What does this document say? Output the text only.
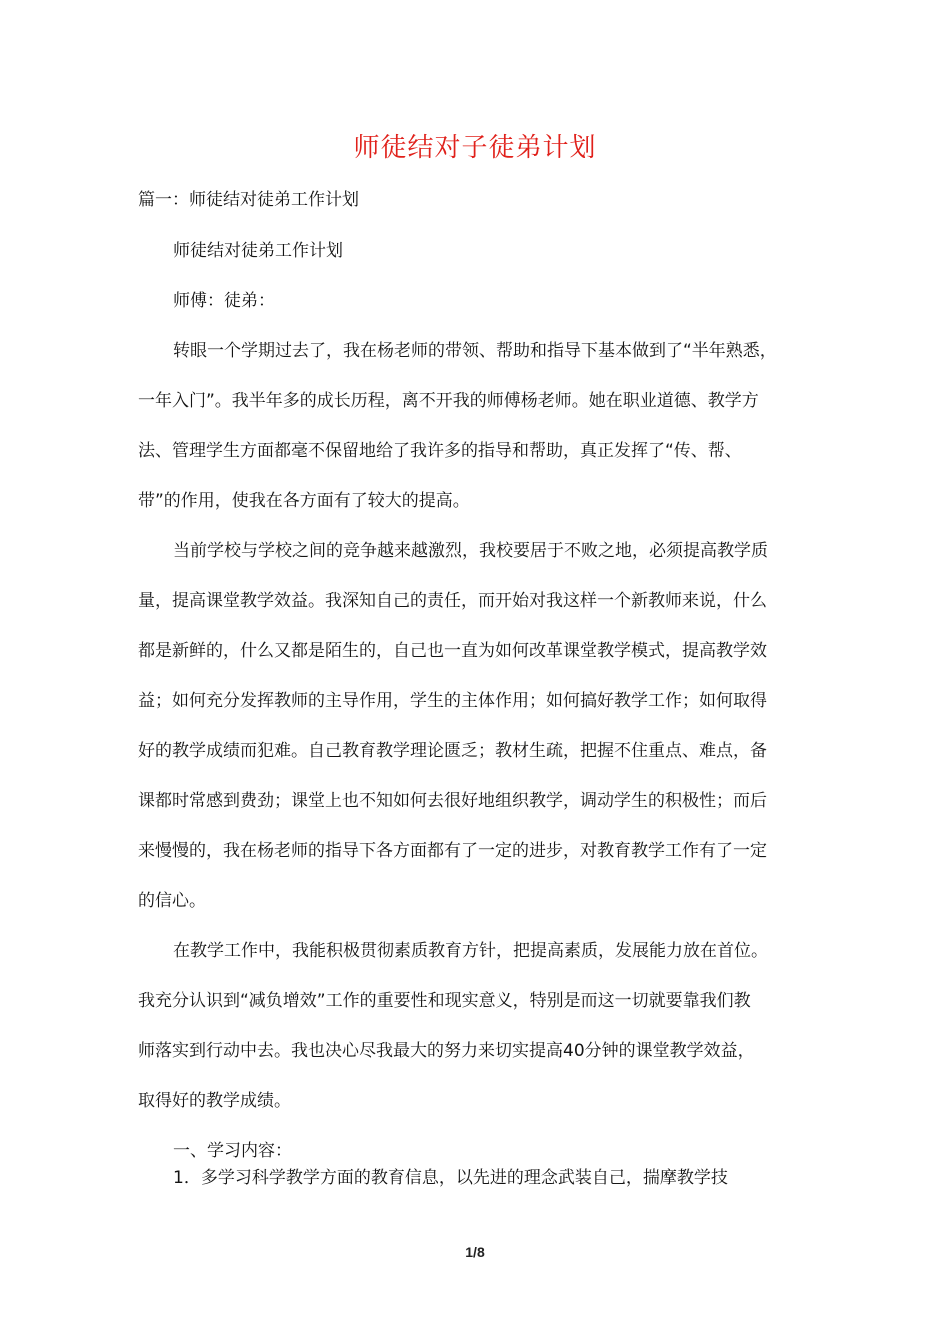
师徒结对子徒弟计划
篇一：师徒结对徒弟工作计划
师徒结对徒弟工作计划
师傅：徒弟：
转眼一个学期过去了，我在杨老师的带领、帮助和指导下基本做到了“半年熟悉，
一年入门”。我半年多的成长历程，离不开我的师傅杨老师。她在职业道德、教学方
法、管理学生方面都毫不保留地给了我许多的指导和帮助，真正发挥了“传、帮、
带”的作用，使我在各方面有了较大的提高。
当前学校与学校之间的竞争越来越激烈，我校要居于不败之地，必须提高教学质
量，提高课堂教学效益。我深知自己的责任，而开始对我这样一个新教师来说，什么
都是新鲜的，什么又都是陌生的，自己也一直为如何改革课堂教学模式，提高教学效
益；如何充分发挥教师的主导作用，学生的主体作用；如何搞好教学工作；如何取得
好的教学成绩而犯难。自己教育教学理论匮乏；教材生疏，把握不住重点、难点，备
课都时常感到费劲；课堂上也不知如何去很好地组织教学，调动学生的积极性；而后
来慢慢的，我在杨老师的指导下各方面都有了一定的进步，对教育教学工作有了一定
的信心。
在教学工作中，我能积极贯彻素质教育方针，把提高素质，发展能力放在首位。
我充分认识到“减负增效”工作的重要性和现实意义，特别是而这一切就要靠我们教
师落实到行动中去。我也决心尽我最大的努力来切实提高40分钟的课堂教学效益，
取得好的教学成绩。
一、学习内容：
1．多学习科学教学方面的教育信息，以先进的理念武装自己，揣摩教学技
1/8
